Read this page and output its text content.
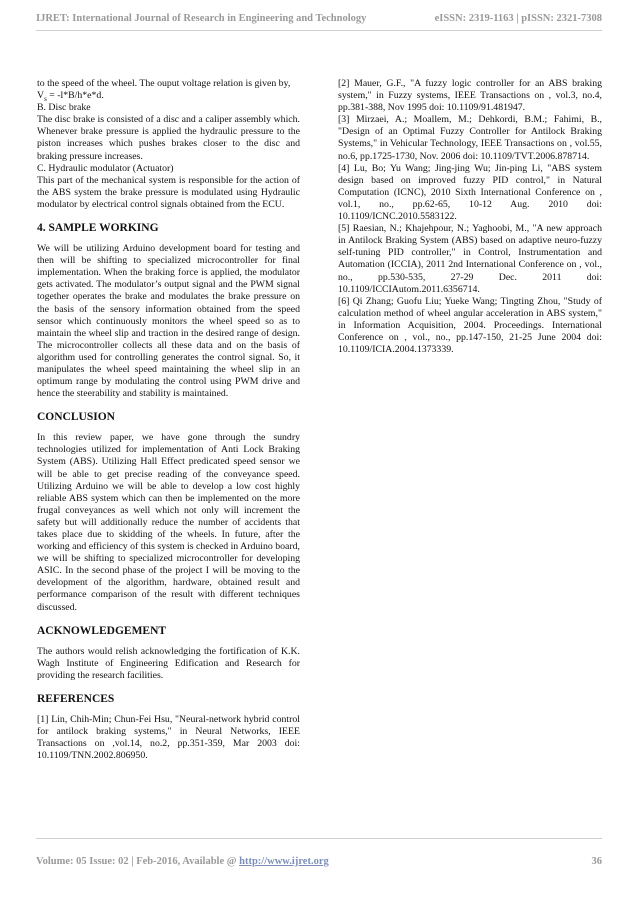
IJRET: International Journal of Research in Engineering and Technology	eISSN: 2319-1163 | pISSN: 2321-7308

to the speed of the wheel. The ouput voltage relation is given by,

$V_s = -l*B/h*e*d$.

B. Disc brake

The disc brake is consisted of a disc and a caliper assembly which. Whenever brake pressure is applied the hydraulic pressure to the piston increases which pushes brakes closer to the disc and braking pressure increases.

C. Hydraulic modulator (Actuator)

This part of the mechanical system is responsible for the action of the ABS system the brake pressure is modulated using Hydraulic modulator by electrical control signals obtained from the ECU.

4. SAMPLE WORKING

We will be utilizing Arduino development board for testing and then will be shifting to specialized microcontroller for final implementation. When the braking force is applied, the modulator gets activated. The modulator’s output signal and the PWM signal together operates the brake and modulates the brake pressure on the basis of the sensory information obtained from the speed sensor which continuously monitors the wheel speed so as to maintain the wheel slip and traction in the desired range of design. The microcontroller collects all these data and on the basis of algorithm used for controlling generates the control signal. So, it manipulates the wheel speed maintaining the wheel slip in an optimum range by modulating the control using PWM drive and hence the steerability and stability is maintained.

CONCLUSION

In this review paper, we have gone through the sundry technologies utilized for implementation of Anti Lock Braking System (ABS). Utilizing Hall Effect predicated speed sensor we will be able to get precise reading of the conveyance speed. Utilizing Arduino we will be able to develop a low cost highly reliable ABS system which can then be implemented on the more frugal conveyances as well which not only will increment the safety but will additionally reduce the number of accidents that takes place due to skidding of the wheels. In future, after the working and efficiency of this system is checked in Arduino board, we will be shifting to specialized microcontroller for developing ASIC. In the second phase of the project I will be moving to the development of the algorithm, hardware, obtained result and performance comparison of the result with different techniques discussed.

ACKNOWLEDGEMENT

The authors would relish acknowledging the fortification of K.K. Wagh Institute of Engineering Edification and Research for providing the research facilities.

REFERENCES

[1] Lin, Chih-Min; Chun-Fei Hsu, "Neural-network hybrid control for antilock braking systems," in Neural Networks, IEEE Transactions on ,vol.14, no.2, pp.351-359, Mar 2003 doi: 10.1109/TNN.2002.806950.

[2] Mauer, G.F., "A fuzzy logic controller for an ABS braking system," in Fuzzy systems, IEEE Transactions on , vol.3, no.4, pp.381-388, Nov 1995 doi: 10.1109/91.481947.

[3] Mirzaei, A.; Moallem, M.; Dehkordi, B.M.; Fahimi, B., "Design of an Optimal Fuzzy Controller for Antilock Braking Systems," in Vehicular Technology, IEEE Transactions on , vol.55, no.6, pp.1725-1730, Nov. 2006 doi: 10.1109/TVT.2006.878714.

[4] Lu, Bo; Yu Wang; Jing-jing Wu; Jin-ping Li, "ABS system design based on improved fuzzy PID control," in Natural Computation (ICNC), 2010 Sixth International Conference on , vol.1, no., pp.62-65, 10-12 Aug. 2010 doi: 10.1109/ICNC.2010.5583122.

[5] Raesian, N.; Khajehpour, N.; Yaghoobi, M., "A new approach in Antilock Braking System (ABS) based on adaptive neuro-fuzzy self-tuning PID controller," in Control, Instrumentation and Automation (ICCIA), 2011 2nd International Conference on , vol., no., pp.530-535, 27-29 Dec. 2011 doi: 10.1109/ICCIAutom.2011.6356714.

[6] Qi Zhang; Guofu Liu; Yueke Wang; Tingting Zhou, "Study of calculation method of wheel angular acceleration in ABS system," in Information Acquisition, 2004. Proceedings. International Conference on , vol., no., pp.147-150, 21-25 June 2004 doi: 10.1109/ICIA.2004.1373339.

Volume: 05 Issue: 02 | Feb-2016, Available @ http://www.ijret.org	36
